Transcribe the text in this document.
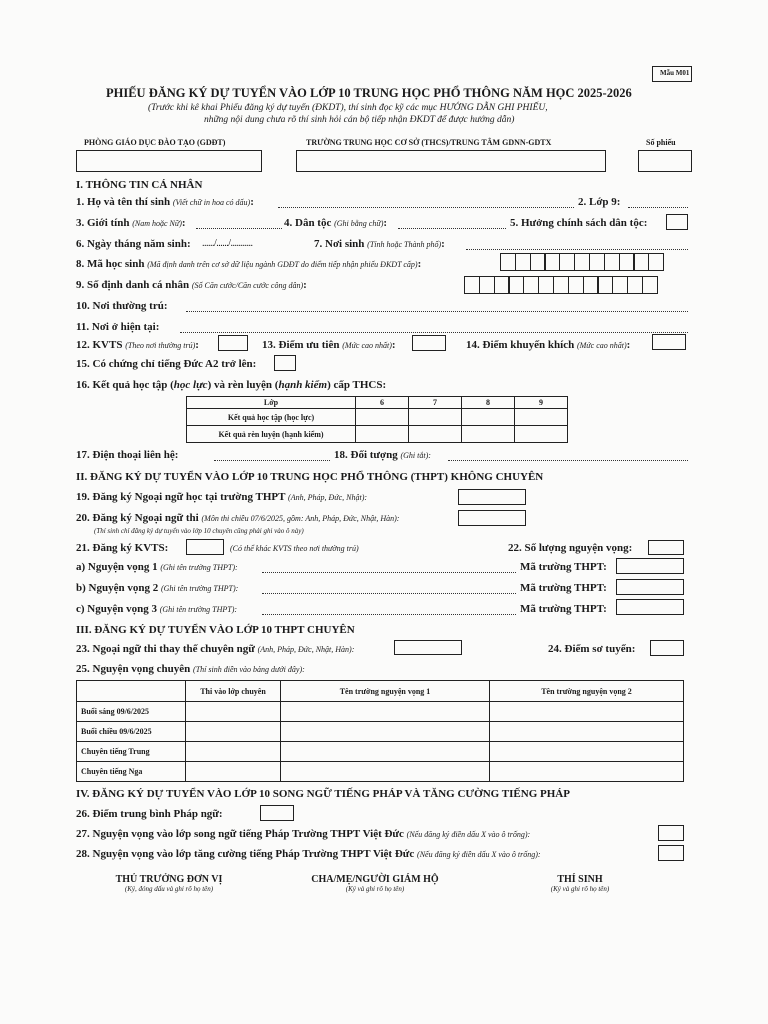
Mẫu M01
PHIẾU ĐĂNG KÝ DỰ TUYỂN VÀO LỚP 10 TRUNG HỌC PHỔ THÔNG NĂM HỌC 2025-2026
(Trước khi kê khai Phiếu đăng ký dự tuyển (ĐKDT), thí sinh đọc kỹ các mục HƯỚNG DẪN GHI PHIẾU,
những nội dung chưa rõ thí sinh hỏi cán bộ tiếp nhận ĐKDT để được hướng dẫn)
PHÒNG GIÁO DỤC ĐÀO TẠO (GDĐT)	TRƯỜNG TRUNG HỌC CƠ SỞ (THCS)/TRUNG TÂM GDNN-GDTX	Số phiếu
I. THÔNG TIN CÁ NHÂN
1. Họ và tên thí sinh (Viết chữ in hoa có dấu):	2. Lớp 9:
3. Giới tính (Nam hoặc Nữ):	4. Dân tộc (Ghi bằng chữ):	5. Hưởng chính sách dân tộc:
6. Ngày tháng năm sinh: ....../....../...........	7. Nơi sinh (Tỉnh hoặc Thành phố):
8. Mã học sinh (Mã định danh trên cơ sở dữ liệu ngành GDĐT do điểm tiếp nhận phiếu ĐKDT cấp):
9. Số định danh cá nhân (Số Căn cước/Căn cước công dân):
10. Nơi thường trú:
11. Nơi ở hiện tại:
12. KVTS (Theo nơi thường trú):	13. Điểm ưu tiên (Mức cao nhất):	14. Điểm khuyến khích (Mức cao nhất):
15. Có chứng chỉ tiếng Đức A2 trở lên:
16. Kết quả học tập (học lực) và rèn luyện (hạnh kiểm) cấp THCS:
Lớp	6	7	8	9
Kết quả học tập (học lực)				
Kết quả rèn luyện (hạnh kiểm)				
17. Điện thoại liên hệ:	18. Đối tượng (Ghi tắt):
II. ĐĂNG KÝ DỰ TUYỂN VÀO LỚP 10 TRUNG HỌC PHỔ THÔNG (THPT) KHÔNG CHUYÊN
19. Đăng ký Ngoại ngữ học tại trường THPT (Anh, Pháp, Đức, Nhật):
20. Đăng ký Ngoại ngữ thi (Môn thi chiều 07/6/2025, gồm: Anh, Pháp, Đức, Nhật, Hàn):
(Thí sinh chỉ đăng ký dự tuyển vào lớp 10 chuyên cũng phải ghi vào ô này)
21. Đăng ký KVTS:	(Có thể khác KVTS theo nơi thường trú)	22. Số lượng nguyện vọng:
a) Nguyện vọng 1 (Ghi tên trường THPT):	Mã trường THPT:
b) Nguyện vọng 2 (Ghi tên trường THPT):	Mã trường THPT:
c) Nguyện vọng 3 (Ghi tên trường THPT):	Mã trường THPT:
III. ĐĂNG KÝ DỰ TUYỂN VÀO LỚP 10 THPT CHUYÊN
23. Ngoại ngữ thi thay thế chuyên ngữ (Anh, Pháp, Đức, Nhật, Hàn):	24. Điểm sơ tuyển:
25. Nguyện vọng chuyên (Thí sinh điền vào bảng dưới đây):
	Thi vào lớp chuyên	Tên trường nguyện vọng 1	Tên trường nguyện vọng 2
Buổi sáng 09/6/2025			
Buổi chiều 09/6/2025			
Chuyên tiếng Trung			
Chuyên tiếng Nga			
IV. ĐĂNG KÝ DỰ TUYỂN VÀO LỚP 10 SONG NGỮ TIẾNG PHÁP VÀ TĂNG CƯỜNG TIẾNG PHÁP
26. Điểm trung bình Pháp ngữ:
27. Nguyện vọng vào lớp song ngữ tiếng Pháp Trường THPT Việt Đức (Nếu đăng ký điền dấu X vào ô trống):
28. Nguyện vọng vào lớp tăng cường tiếng Pháp Trường THPT Việt Đức (Nếu đăng ký điền dấu X vào ô trống):
THỦ TRƯỞNG ĐƠN VỊ
(Ký, đóng dấu và ghi rõ họ tên)
CHA/MẸ/NGƯỜI GIÁM HỘ
(Ký và ghi rõ họ tên)
THÍ SINH
(Ký và ghi rõ họ tên)
